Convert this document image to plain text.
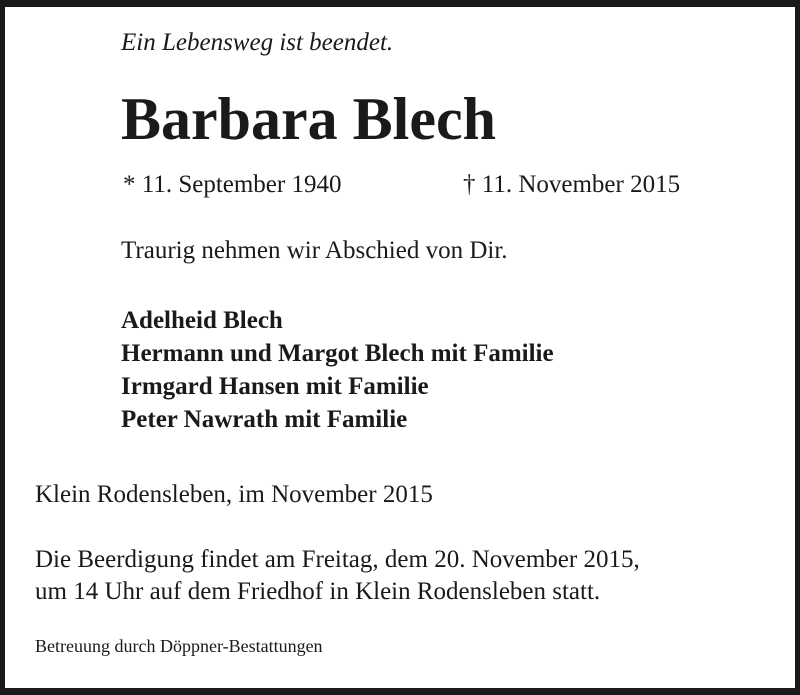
Ein Lebensweg ist beendet.

Barbara Blech

* 11. September 1940	† 11. November 2015

Traurig nehmen wir Abschied von Dir.

Adelheid Blech
Hermann und Margot Blech mit Familie
Irmgard Hansen mit Familie
Peter Nawrath mit Familie

Klein Rodensleben, im November 2015

Die Beerdigung findet am Freitag, dem 20. November 2015,
um 14 Uhr auf dem Friedhof in Klein Rodensleben statt.

Betreuung durch Döppner-Bestattungen
